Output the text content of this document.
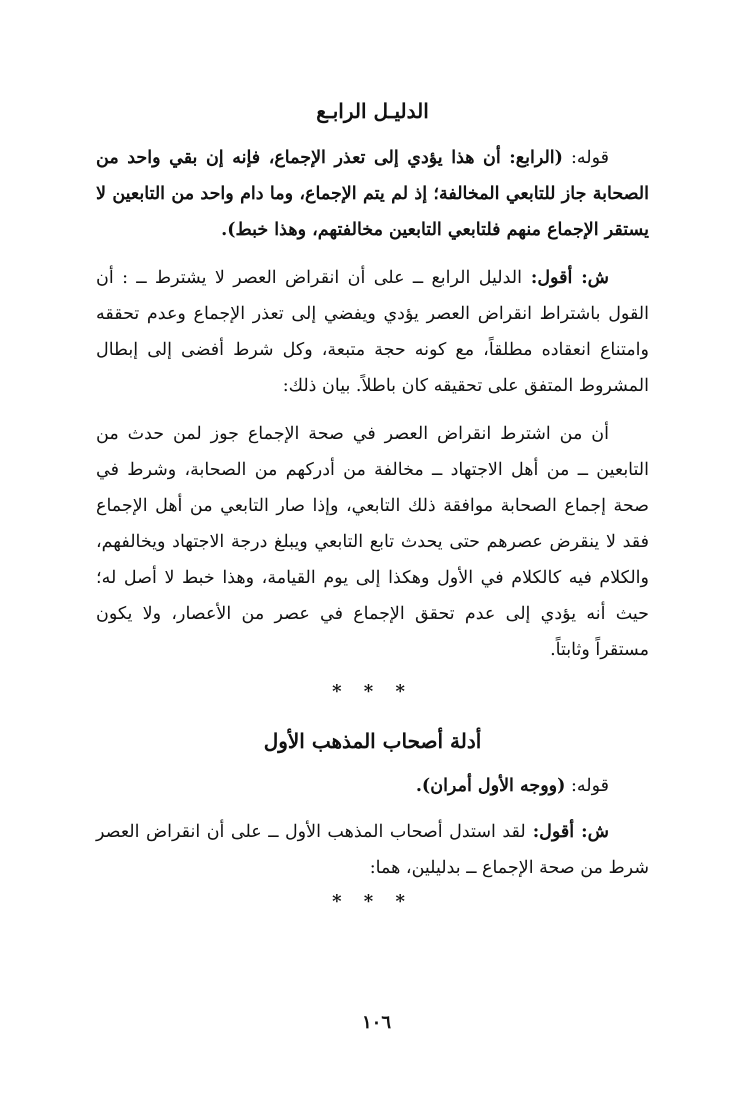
الدليـل الرابـع

قوله: (الرابع: أن هذا يؤدي إلى تعذر الإجماع، فإنه إن بقي واحد من الصحابة جاز للتابعي المخالفة؛ إذ لم يتم الإجماع، وما دام واحد من التابعين لا يستقر الإجماع منهم فلتابعي التابعين مخالفتهم، وهذا خبط).

ش: أقول: الدليل الرابع ــ على أن انقراض العصر لا يشترط ــ : أن القول باشتراط انقراض العصر يؤدي ويفضي إلى تعذر الإجماع وعدم تحققه وامتناع انعقاده مطلقاً، مع كونه حجة متبعة، وكل شرط أفضى إلى إبطال المشروط المتفق على تحقيقه كان باطلاً. بيان ذلك:

أن من اشترط انقراض العصر في صحة الإجماع جوز لمن حدث من التابعين ــ من أهل الاجتهاد ــ مخالفة من أدركهم من الصحابة، وشرط في صحة إجماع الصحابة موافقة ذلك التابعي، وإذا صار التابعي من أهل الإجماع فقد لا ينقرض عصرهم حتى يحدث تابع التابعي ويبلغ درجة الاجتهاد ويخالفهم، والكلام فيه كالكلام في الأول وهكذا إلى يوم القيامة، وهذا خبط لا أصل له؛ حيث أنه يؤدي إلى عدم تحقق الإجماع في عصر من الأعصار، ولا يكون مستقراً وثابتاً.

* * *
أدلة أصحاب المذهب الأول

قوله: (ووجه الأول أمران).

ش: أقول: لقد استدل أصحاب المذهب الأول ــ على أن انقراض العصر شرط من صحة الإجماع ــ بدليلين، هما:

* * *
١٠٦
